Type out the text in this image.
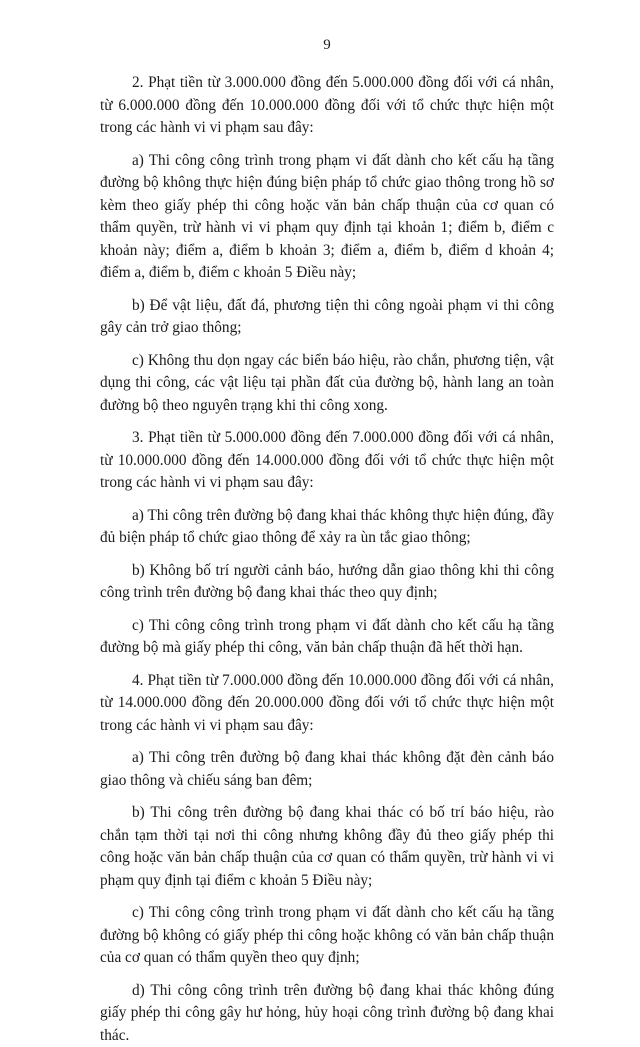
9

2. Phạt tiền từ 3.000.000 đồng đến 5.000.000 đồng đối với cá nhân, từ 6.000.000 đồng đến 10.000.000 đồng đối với tổ chức thực hiện một trong các hành vi vi phạm sau đây:

a) Thi công công trình trong phạm vi đất dành cho kết cấu hạ tầng đường bộ không thực hiện đúng biện pháp tổ chức giao thông trong hồ sơ kèm theo giấy phép thi công hoặc văn bản chấp thuận của cơ quan có thẩm quyền, trừ hành vi vi phạm quy định tại khoản 1; điểm b, điểm c khoản này; điểm a, điểm b khoản 3; điểm a, điểm b, điểm d khoản 4; điểm a, điểm b, điểm c khoản 5 Điều này;

b) Để vật liệu, đất đá, phương tiện thi công ngoài phạm vi thi công gây cản trở giao thông;

c) Không thu dọn ngay các biển báo hiệu, rào chắn, phương tiện, vật dụng thi công, các vật liệu tại phần đất của đường bộ, hành lang an toàn đường bộ theo nguyên trạng khi thi công xong.

3. Phạt tiền từ 5.000.000 đồng đến 7.000.000 đồng đối với cá nhân, từ 10.000.000 đồng đến 14.000.000 đồng đối với tổ chức thực hiện một trong các hành vi vi phạm sau đây:

a) Thi công trên đường bộ đang khai thác không thực hiện đúng, đầy đủ biện pháp tổ chức giao thông để xảy ra ùn tắc giao thông;

b) Không bố trí người cảnh báo, hướng dẫn giao thông khi thi công công trình trên đường bộ đang khai thác theo quy định;

c) Thi công công trình trong phạm vi đất dành cho kết cấu hạ tầng đường bộ mà giấy phép thi công, văn bản chấp thuận đã hết thời hạn.

4. Phạt tiền từ 7.000.000 đồng đến 10.000.000 đồng đối với cá nhân, từ 14.000.000 đồng đến 20.000.000 đồng đối với tổ chức thực hiện một trong các hành vi vi phạm sau đây:

a) Thi công trên đường bộ đang khai thác không đặt đèn cảnh báo giao thông và chiếu sáng ban đêm;

b) Thi công trên đường bộ đang khai thác có bố trí báo hiệu, rào chắn tạm thời tại nơi thi công nhưng không đầy đủ theo giấy phép thi công hoặc văn bản chấp thuận của cơ quan có thẩm quyền, trừ hành vi vi phạm quy định tại điểm c khoản 5 Điều này;

c) Thi công công trình trong phạm vi đất dành cho kết cấu hạ tầng đường bộ không có giấy phép thi công hoặc không có văn bản chấp thuận của cơ quan có thẩm quyền theo quy định;

d) Thi công công trình trên đường bộ đang khai thác không đúng giấy phép thi công gây hư hỏng, hủy hoại công trình đường bộ đang khai thác.
